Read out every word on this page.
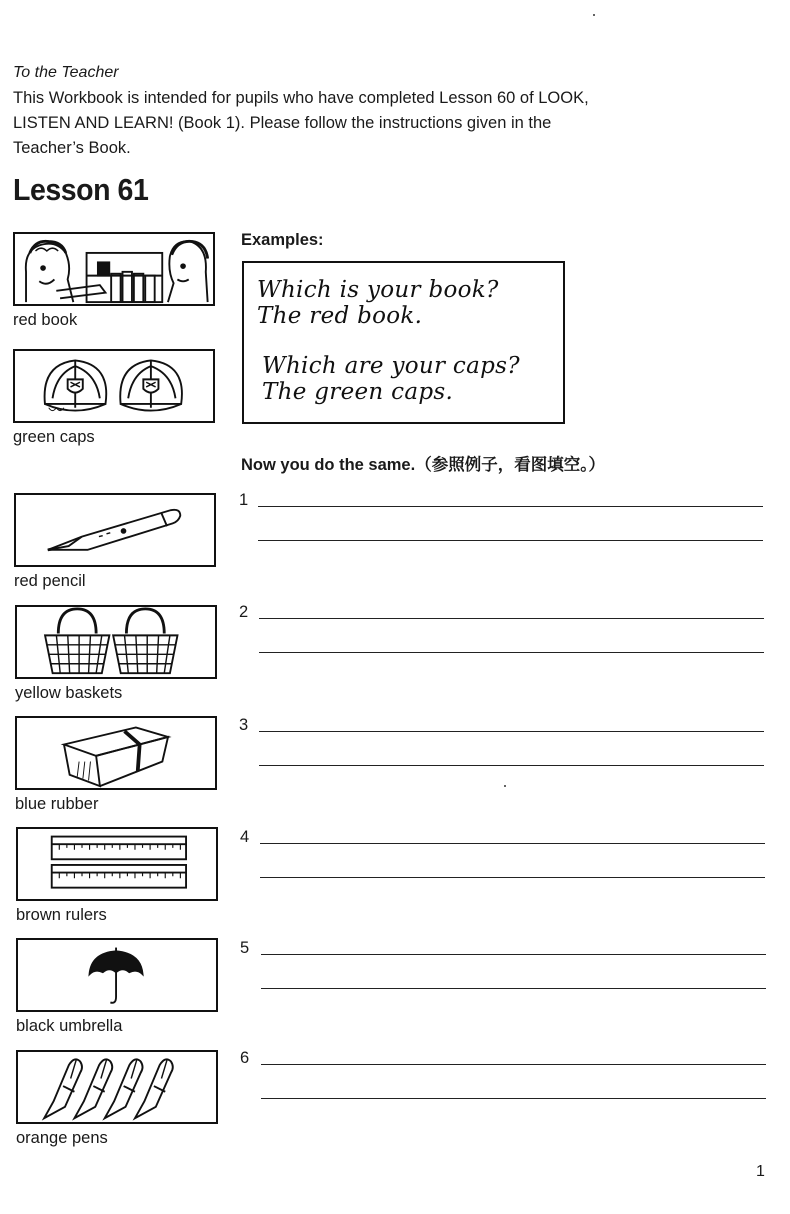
To the Teacher
This Workbook is intended for pupils who have completed Lesson 60 of LOOK,
LISTEN AND LEARN! (Book 1). Please follow the instructions given in the
Teacher’s Book.
Lesson 61
red book
green caps
Examples:
Which is your book?
The red book.
Which are your caps?
The green caps.
Now you do the same.（参照例子，看图填空。）
red pencil
1
yellow baskets
2
blue rubber
3
brown rulers
4
black umbrella
5
orange pens
6
1
